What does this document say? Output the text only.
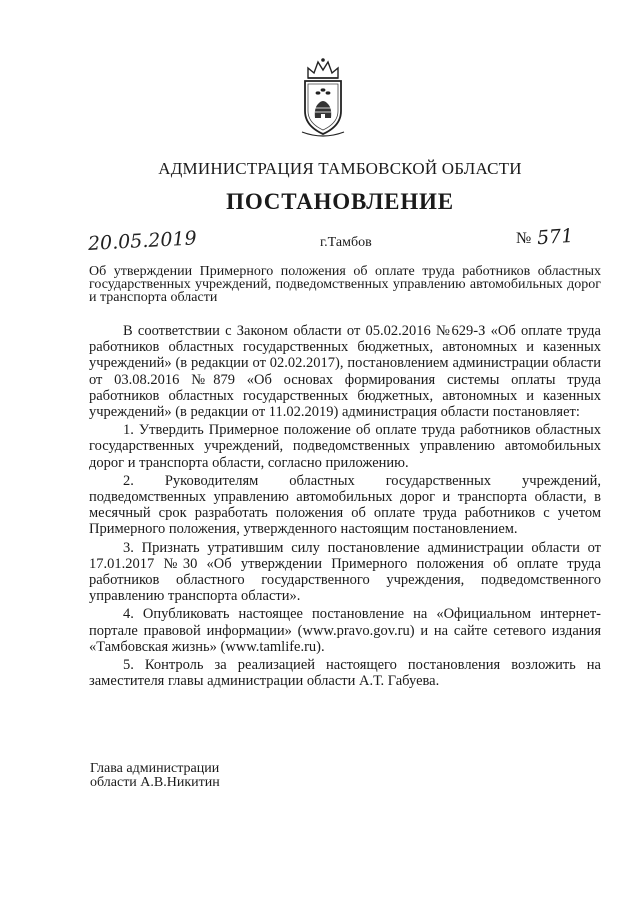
АДМИНИСТРАЦИЯ ТАМБОВСКОЙ ОБЛАСТИ
ПОСТАНОВЛЕНИЕ
20.05.2019	г.Тамбов	№ 571
Об утверждении Примерного положения об оплате труда работников областных государственных учреждений, подведомственных управлению автомобильных дорог и транспорта области

В соответствии с Законом области от 05.02.2016 №629-З «Об оплате труда работников областных государственных бюджетных, автономных и казенных учреждений» (в редакции от 02.02.2017), постановлением администрации области от 03.08.2016 №879 «Об основах формирования системы оплаты труда работников областных государственных бюджетных, автономных и казенных учреждений» (в редакции от 11.02.2019) администрация области постановляет:

1. Утвердить Примерное положение об оплате труда работников областных государственных учреждений, подведомственных управлению автомобильных дорог и транспорта области, согласно приложению.

2. Руководителям областных государственных учреждений, подведомственных управлению автомобильных дорог и транспорта области, в месячный срок разработать положения об оплате труда работников с учетом Примерного положения, утвержденного настоящим постановлением.

3. Признать утратившим силу постановление администрации области от 17.01.2017 №30 «Об утверждении Примерного положения об оплате труда работников областного государственного учреждения, подведомственного управлению транспорта области».

4. Опубликовать настоящее постановление на «Официальном интернет-портале правовой информации» (www.pravo.gov.ru) и на сайте сетевого издания «Тамбовская жизнь» (www.tamlife.ru).

5. Контроль за реализацией настоящего постановления возложить на заместителя главы администрации области А.Т. Габуева.

Глава администрации
области А.В.Никитин
